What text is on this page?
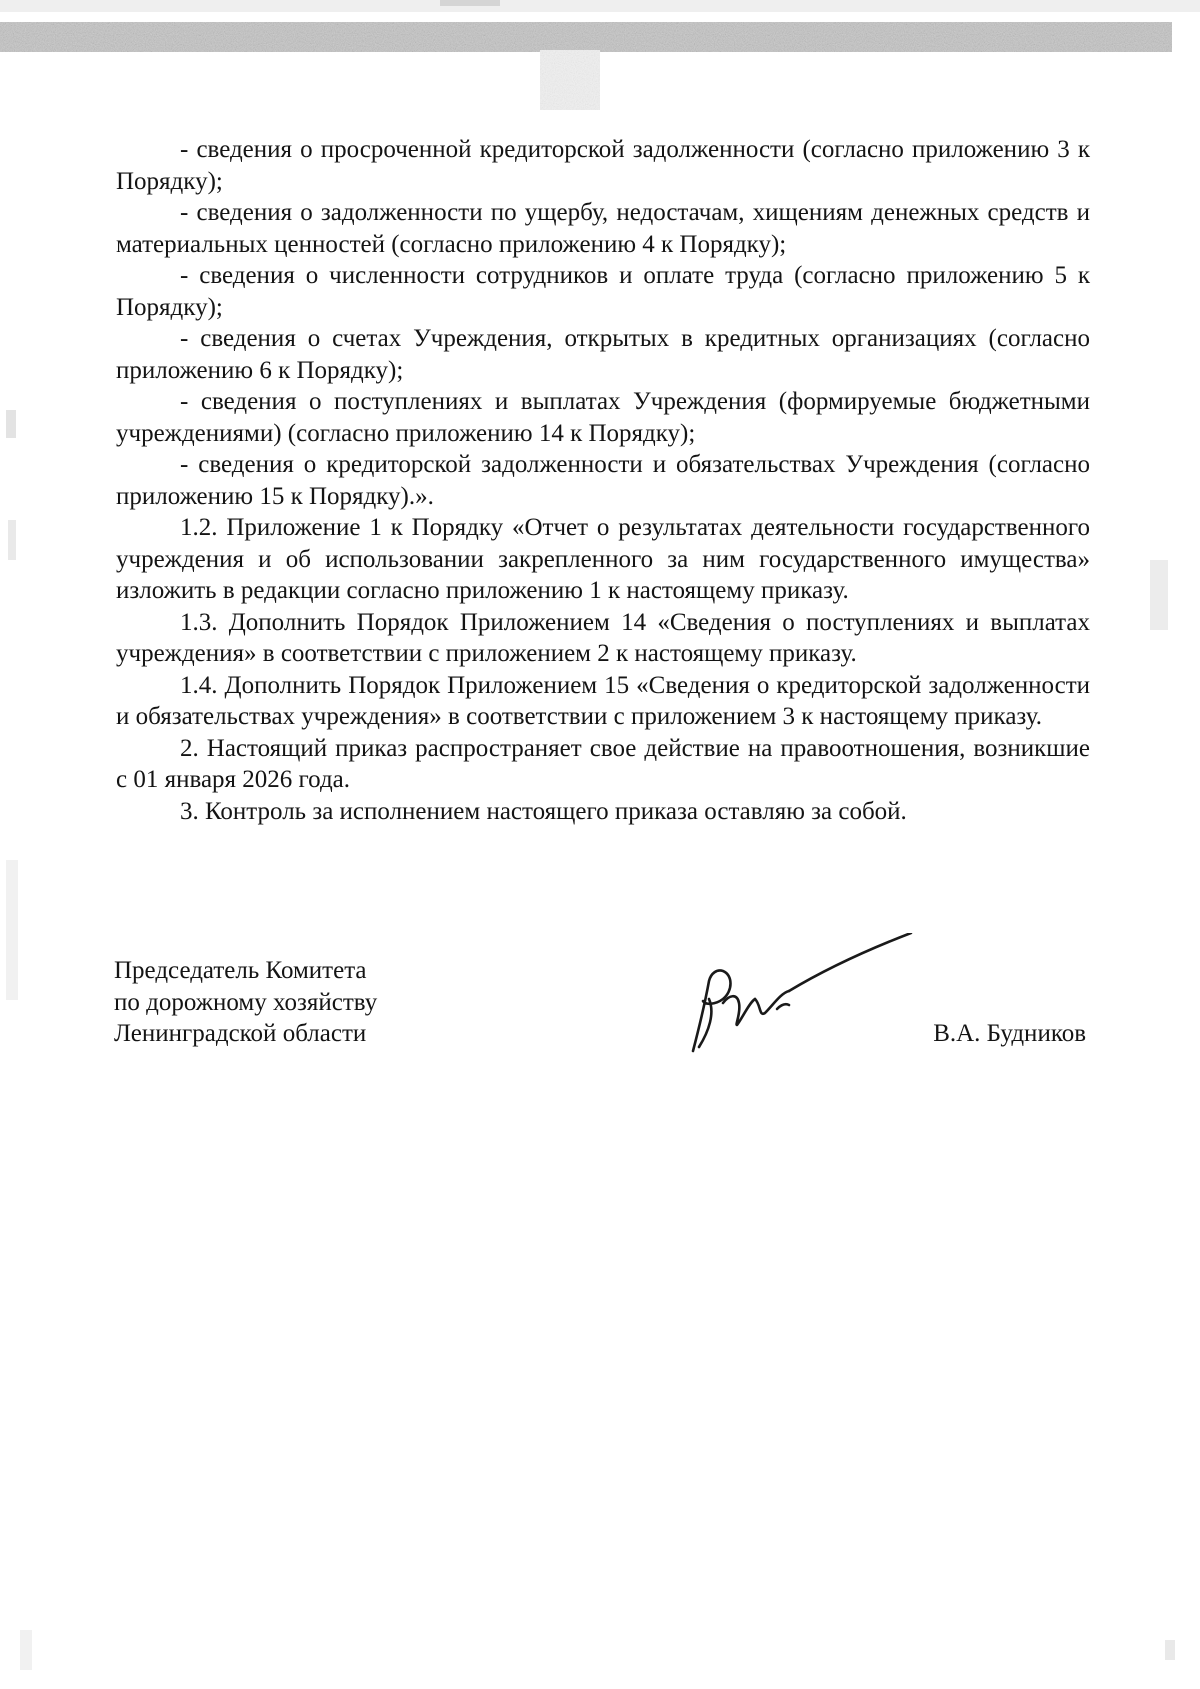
- сведения о просроченной кредиторской задолженности (согласно приложению 3 к Порядку);

- сведения о задолженности по ущербу, недостачам, хищениям денежных средств и материальных ценностей (согласно приложению 4 к Порядку);

- сведения о численности сотрудников и оплате труда (согласно приложению 5 к Порядку);

- сведения о счетах Учреждения, открытых в кредитных организациях (согласно приложению 6 к Порядку);

- сведения о поступлениях и выплатах Учреждения (формируемые бюджетными учреждениями) (согласно приложению 14 к Порядку);

- сведения о кредиторской задолженности и обязательствах Учреждения (согласно приложению 15 к Порядку).».

1.2. Приложение 1 к Порядку «Отчет о результатах деятельности государственного учреждения и об использовании закрепленного за ним государственного имущества» изложить в редакции согласно приложению 1 к настоящему приказу.

1.3. Дополнить Порядок Приложением 14 «Сведения о поступлениях и выплатах учреждения» в соответствии с приложением 2 к настоящему приказу.

1.4. Дополнить Порядок Приложением 15 «Сведения о кредиторской задолженности и обязательствах учреждения» в соответствии с приложением 3 к настоящему приказу.

2. Настоящий приказ распространяет свое действие на правоотношения, возникшие с 01 января 2026 года.

3. Контроль за исполнением настоящего приказа оставляю за собой.

Председатель Комитета
по дорожному хозяйству
Ленинградской области	В.А. Будников
